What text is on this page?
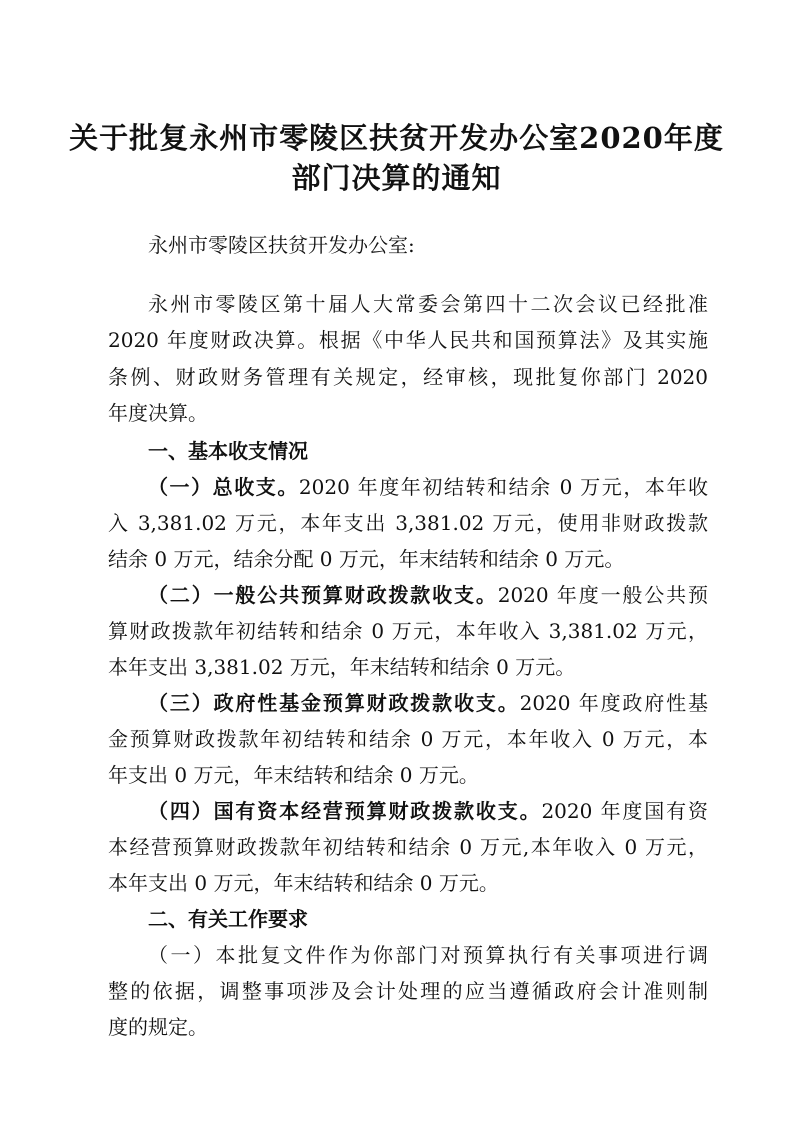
关于批复永州市零陵区扶贫开发办公室2020年度
部门决算的通知

永州市零陵区扶贫开发办公室:

永州市零陵区第十届人大常委会第四十二次会议已经批准

2020 年度财政决算。根据《中华人民共和国预算法》及其实施

条例、财政财务管理有关规定，经审核，现批复你部门 2020

年度决算。

一、基本收支情况

（一）总收支。2020 年度年初结转和结余 0 万元，本年收

入 3,381.02 万元，本年支出 3,381.02 万元，使用非财政拨款

结余 0 万元，结余分配 0 万元，年末结转和结余 0 万元。

（二）一般公共预算财政拨款收支。2020 年度一般公共预

算财政拨款年初结转和结余 0 万元，本年收入 3,381.02 万元，

本年支出 3,381.02 万元，年末结转和结余 0 万元。

（三）政府性基金预算财政拨款收支。2020 年度政府性基

金预算财政拨款年初结转和结余 0 万元，本年收入 0 万元，本

年支出 0 万元，年末结转和结余 0 万元。

（四）国有资本经营预算财政拨款收支。2020 年度国有资

本经营预算财政拨款年初结转和结余 0 万元,本年收入 0 万元，

本年支出 0 万元，年末结转和结余 0 万元。

二、有关工作要求

（一）本批复文件作为你部门对预算执行有关事项进行调

整的依据，调整事项涉及会计处理的应当遵循政府会计准则制

度的规定。
